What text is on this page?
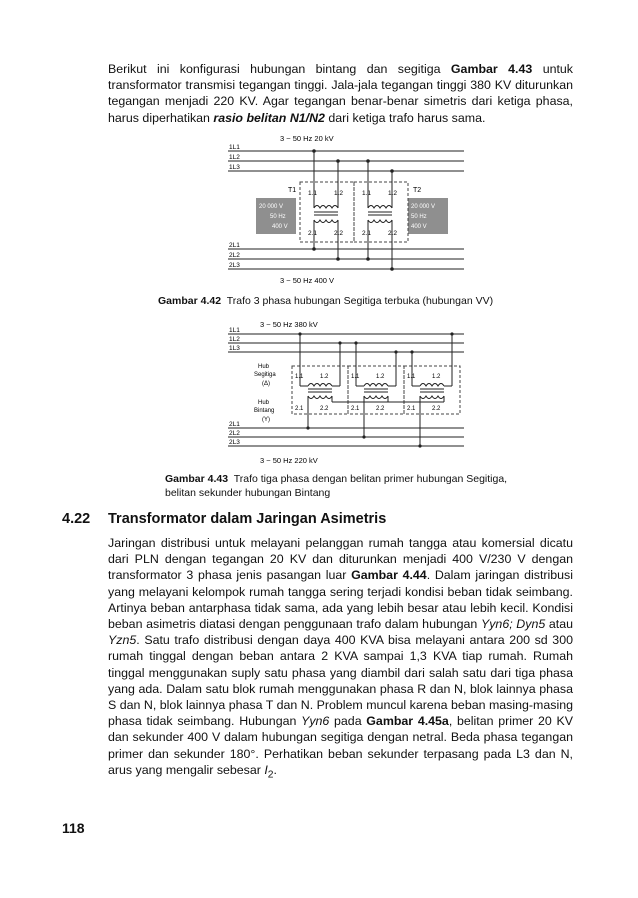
Berikut ini konfigurasi hubungan bintang dan segitiga Gambar 4.43 untuk transformator transmisi tegangan tinggi. Jala-jala tegangan tinggi 380 KV diturunkan tegangan menjadi 220 KV. Agar tegangan benar-benar simetris dari ketiga phasa, harus diperhatikan rasio belitan N1/N2 dari ketiga trafo harus sama.

3 ~ 50 Hz 20 kV
1L1
1L2
1L3
T1
20 000 V
50 Hz
400 V
1.1	1.2
2.1	2.2
T2
20 000 V
50 Hz
400 V
1.1	1.2
2.1	2.2
2L1
2L2
2L3
3 ~ 50 Hz 400 V
Gambar 4.42 Trafo 3 phasa hubungan Segitiga terbuka (hubungan VV)
3 ~ 50 Hz 380 kV
1L1
1L2
1L3
Hub
Segitiga
(Δ)
Hub
Bintang
(Y)
1.1	1.2
2.1	2.2
1.1	1.2
2.1	2.2
1.1	1.2
2.1	2.2
2L1
2L2
2L3
3 ~ 50 Hz 220 kV
Gambar 4.43 Trafo tiga phasa dengan belitan primer hubungan Segitiga,
belitan sekunder hubungan Bintang
4.22 Transformator dalam Jaringan Asimetris

Jaringan distribusi untuk melayani pelanggan rumah tangga atau komersial dicatu dari PLN dengan tegangan 20 KV dan diturunkan menjadi 400 V/230 V dengan transformator 3 phasa jenis pasangan luar Gambar 4.44. Dalam jaringan distribusi yang melayani kelompok rumah tangga sering terjadi kondisi beban tidak seimbang. Artinya beban antarphasa tidak sama, ada yang lebih besar atau lebih kecil. Kondisi beban asimetris diatasi dengan penggunaan trafo dalam hubungan Yyn6; Dyn5 atau Yzn5. Satu trafo distribusi dengan daya 400 KVA bisa melayani antara 200 sd 300 rumah tinggal dengan beban antara 2 KVA sampai 1,3 KVA tiap rumah. Rumah tinggal menggunakan suply satu phasa yang diambil dari salah satu dari tiga phasa yang ada. Dalam satu blok rumah menggunakan phasa R dan N, blok lainnya phasa S dan N, blok lainnya phasa T dan N. Problem muncul karena beban masing-masing phasa tidak seimbang. Hubungan Yyn6 pada Gambar 4.45a, belitan primer 20 KV dan sekunder 400 V dalam hubungan segitiga dengan netral. Beda phasa tegangan primer dan sekunder 180°. Perhatikan beban sekunder terpasang pada L3 dan N, arus yang mengalir sebesar $I_2$.

118
